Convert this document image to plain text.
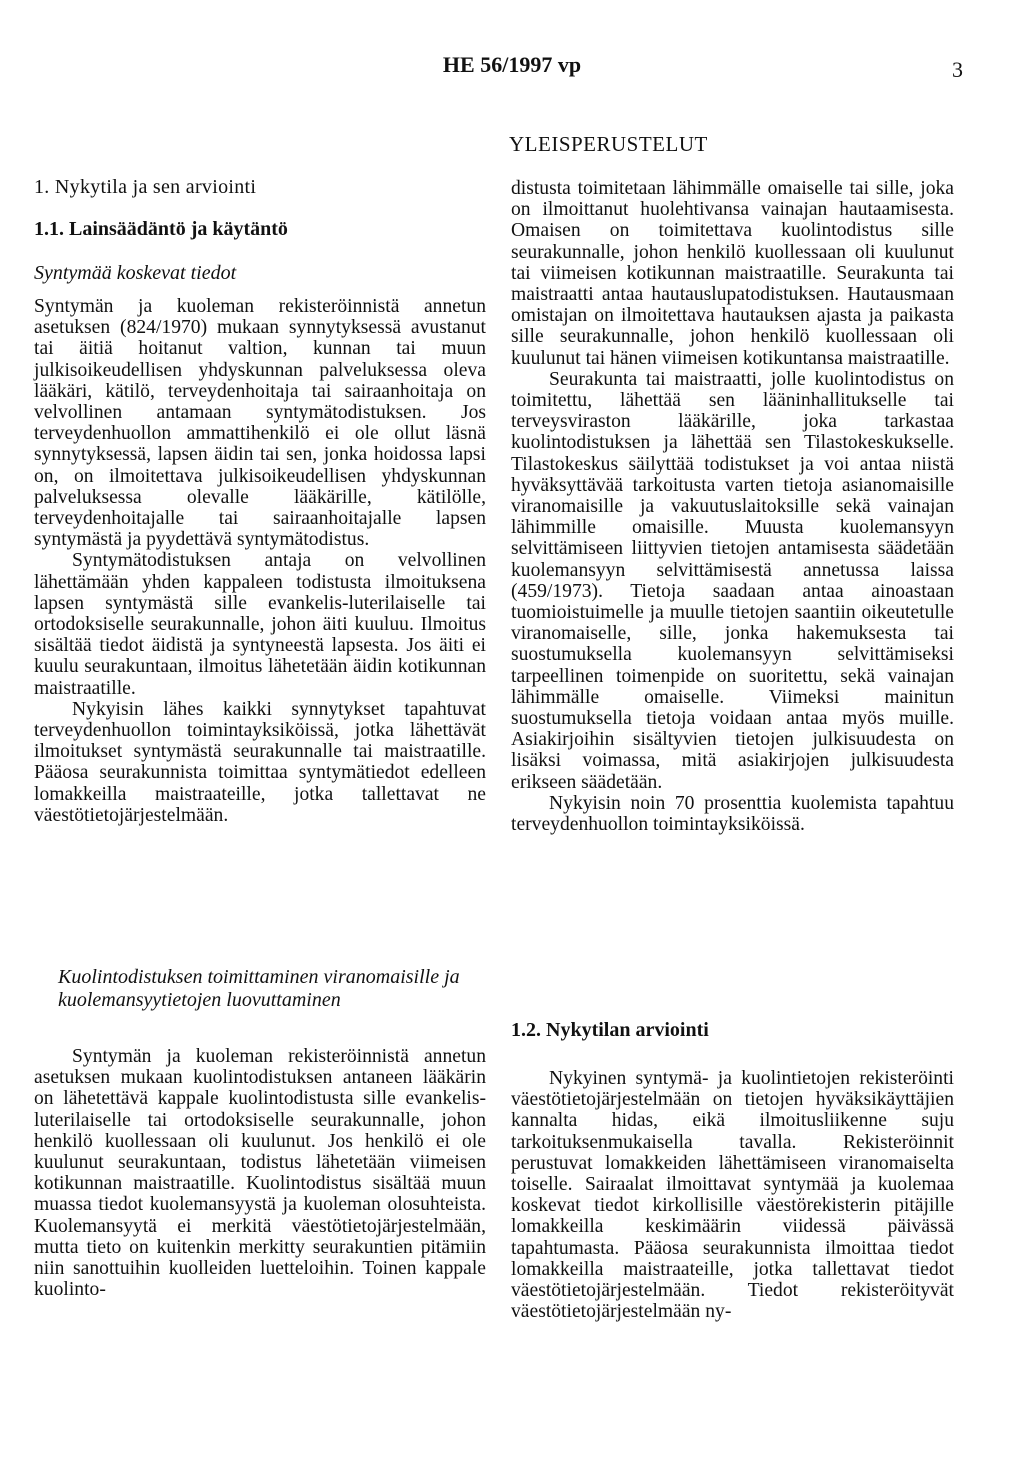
HE 56/1997 vp	3
YLEISPERUSTELUT
1. Nykytila ja sen arviointi
1.1. Lainsäädäntö ja käytäntö
Syntymää koskevat tiedot

Syntymän ja kuoleman rekisteröinnistä annetun asetuksen (824/1970) mukaan synnytyksessä avustanut tai äitiä hoitanut valtion, kunnan tai muun julkisoikeudellisen yhdyskunnan palveluksessa oleva lääkäri, kätilö, terveydenhoitaja tai sairaanhoitaja on velvollinen antamaan syntymätodistuksen. Jos terveydenhuollon ammattihenkilö ei ole ollut läsnä synnytyksessä, lapsen äidin tai sen, jonka hoidossa lapsi on, on ilmoitettava julkisoikeudellisen yhdyskunnan palveluksessa olevalle lääkärille, kätilölle, terveydenhoitajalle tai sairaanhoitajalle lapsen syntymästä ja pyydettävä syntymätodistus.

Syntymätodistuksen antaja on velvollinen lähettämään yhden kappaleen todistusta ilmoituksena lapsen syntymästä sille evankelis-luterilaiselle tai ortodoksiselle seurakunnalle, johon äiti kuuluu. Ilmoitus sisältää tiedot äidistä ja syntyneestä lapsesta. Jos äiti ei kuulu seurakuntaan, ilmoitus lähetetään äidin kotikunnan maistraatille.

Nykyisin lähes kaikki synnytykset tapahtuvat terveydenhuollon toimintayksiköissä, jotka lähettävät ilmoitukset syntymästä seurakunnalle tai maistraatille. Pääosa seurakunnista toimittaa syntymätiedot edelleen lomakkeilla maistraateille, jotka tallettavat ne väestötietojärjestelmään.

Kuolintodistuksen toimittaminen viranomaisille ja kuolemansyytietojen luovuttaminen

Syntymän ja kuoleman rekisteröinnistä annetun asetuksen mukaan kuolintodistuksen antaneen lääkärin on lähetettävä kappale kuolintodistusta sille evankelis-luterilaiselle tai ortodoksiselle seurakunnalle, johon henkilö kuollessaan oli kuulunut. Jos henkilö ei ole kuulunut seurakuntaan, todistus lähetetään viimeisen kotikunnan maistraatille. Kuolintodistus sisältää muun muassa tiedot kuolemansyystä ja kuoleman olosuhteista. Kuolemansyytä ei merkitä väestötietojärjestelmään, mutta tieto on kuitenkin merkitty seurakuntien pitämiin niin sanottuihin kuolleiden luetteloihin. Toinen kappale kuolinto-

distusta toimitetaan lähimmälle omaiselle tai sille, joka on ilmoittanut huolehtivansa vainajan hautaamisesta. Omaisen on toimitettava kuolintodistus sille seurakunnalle, johon henkilö kuollessaan oli kuulunut tai viimeisen kotikunnan maistraatille. Seurakunta tai maistraatti antaa hautauslupatodistuksen. Hautausmaan omistajan on ilmoitettava hautauksen ajasta ja paikasta sille seurakunnalle, johon henkilö kuollessaan oli kuulunut tai hänen viimeisen kotikuntansa maistraatille.

Seurakunta tai maistraatti, jolle kuolintodistus on toimitettu, lähettää sen lääninhallitukselle tai terveysviraston lääkärille, joka tarkastaa kuolintodistuksen ja lähettää sen Tilastokeskukselle. Tilastokeskus säilyttää todistukset ja voi antaa niistä hyväksyttävää tarkoitusta varten tietoja asianomaisille viranomaisille ja vakuutuslaitoksille sekä vainajan lähimmille omaisille. Muusta kuolemansyyn selvittämiseen liittyvien tietojen antamisesta säädetään kuolemansyyn selvittämisestä annetussa laissa (459/1973). Tietoja saadaan antaa ainoastaan tuomioistuimelle ja muulle tietojen saantiin oikeutetulle viranomaiselle, sille, jonka hakemuksesta tai suostumuksella kuolemansyyn selvittämiseksi tarpeellinen toimenpide on suoritettu, sekä vainajan lähimmälle omaiselle. Viimeksi mainitun suostumuksella tietoja voidaan antaa myös muille. Asiakirjoihin sisältyvien tietojen julkisuudesta on lisäksi voimassa, mitä asiakirjojen julkisuudesta erikseen säädetään.

Nykyisin noin 70 prosenttia kuolemista tapahtuu terveydenhuollon toimintayksiköissä.

1.2. Nykytilan arviointi

Nykyinen syntymä- ja kuolintietojen rekisteröinti väestötietojärjestelmään on tietojen hyväksikäyttäjien kannalta hidas, eikä ilmoitusliikenne suju tarkoituksenmukaisella tavalla. Rekisteröinnit perustuvat lomakkeiden lähettämiseen viranomaiselta toiselle. Sairaalat ilmoittavat syntymää ja kuolemaa koskevat tiedot kirkollisille väestörekisterin pitäjille lomakkeilla keskimäärin viidessä päivässä tapahtumasta. Pääosa seurakunnista ilmoittaa tiedot lomakkeilla maistraateille, jotka tallettavat tiedot väestötietojärjestelmään. Tiedot rekisteröityvät väestötietojärjestelmään ny-
